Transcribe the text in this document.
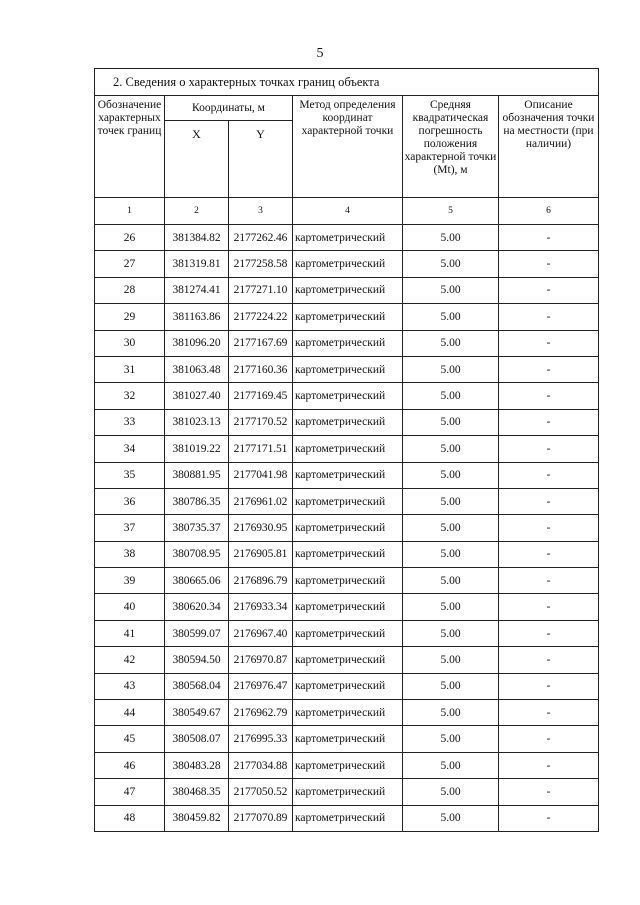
5
2. Сведения о характерных точках границ объекта					
Обозначение характерных точек границ	Координаты, м		Метод определения координат характерной точки	Средняя квадратическая погрешность положения характерной точки (Mt), м	Описание обозначения точки на местности (при наличии)
	X	Y			
1	2	3	4	5	6
26	381384.82	2177262.46	картометрический	5.00	-
27	381319.81	2177258.58	картометрический	5.00	-
28	381274.41	2177271.10	картометрический	5.00	-
29	381163.86	2177224.22	картометрический	5.00	-
30	381096.20	2177167.69	картометрический	5.00	-
31	381063.48	2177160.36	картометрический	5.00	-
32	381027.40	2177169.45	картометрический	5.00	-
33	381023.13	2177170.52	картометрический	5.00	-
34	381019.22	2177171.51	картометрический	5.00	-
35	380881.95	2177041.98	картометрический	5.00	-
36	380786.35	2176961.02	картометрический	5.00	-
37	380735.37	2176930.95	картометрический	5.00	-
38	380708.95	2176905.81	картометрический	5.00	-
39	380665.06	2176896.79	картометрический	5.00	-
40	380620.34	2176933.34	картометрический	5.00	-
41	380599.07	2176967.40	картометрический	5.00	-
42	380594.50	2176970.87	картометрический	5.00	-
43	380568.04	2176976.47	картометрический	5.00	-
44	380549.67	2176962.79	картометрический	5.00	-
45	380508.07	2176995.33	картометрический	5.00	-
46	380483.28	2177034.88	картометрический	5.00	-
47	380468.35	2177050.52	картометрический	5.00	-
48	380459.82	2177070.89	картометрический	5.00	-
